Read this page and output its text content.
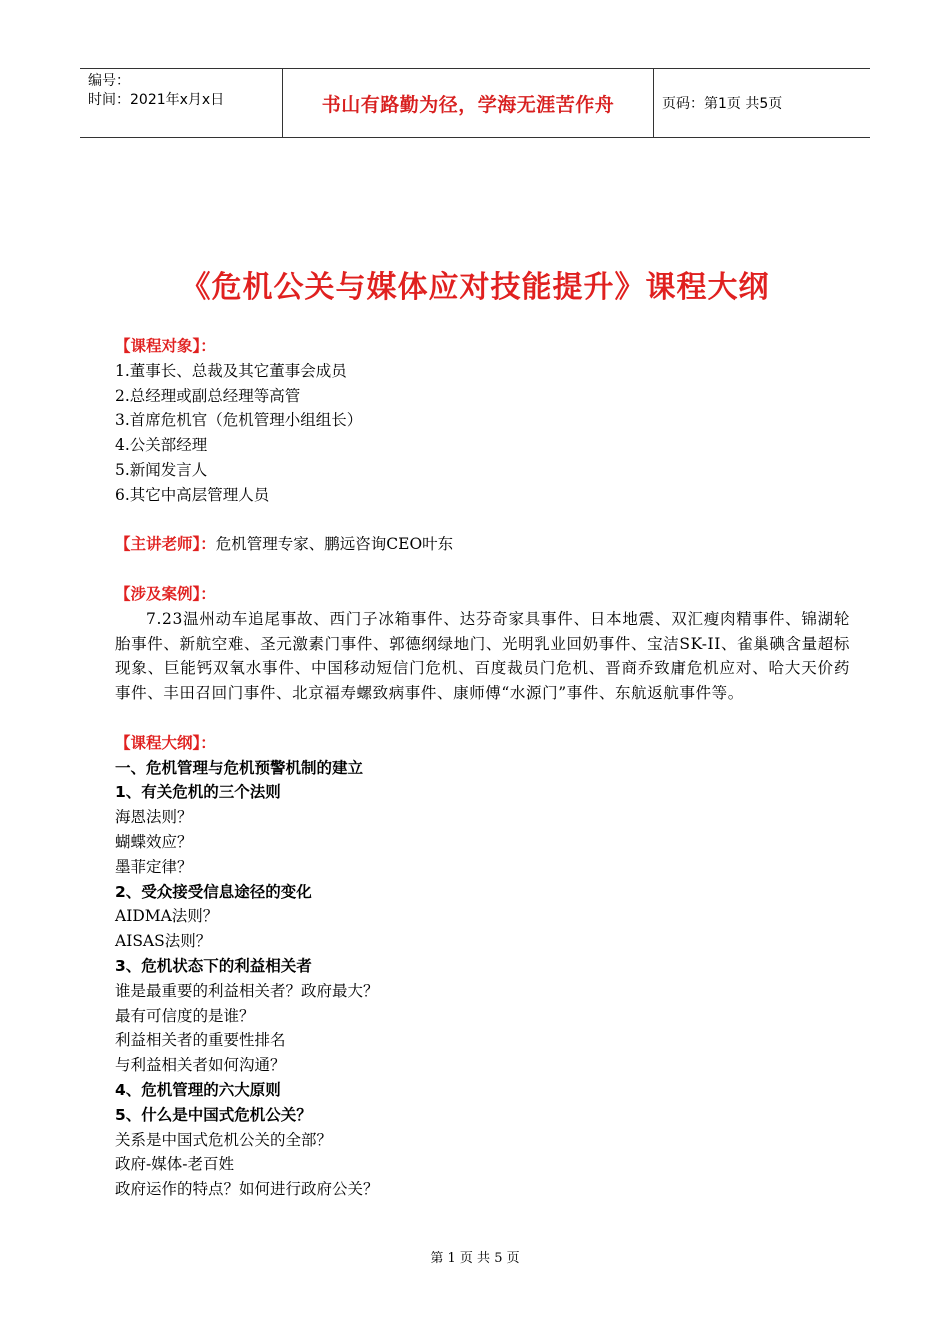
编号：
时间：2021年x月x日	书山有路勤为径，学海无涯苦作舟	页码：第1页 共5页
《危机公关与媒体应对技能提升》课程大纲
【课程对象】：
1.董事长、总裁及其它董事会成员
2.总经理或副总经理等高管
3.首席危机官（危机管理小组组长）
4.公关部经理
5.新闻发言人
6.其它中高层管理人员
【主讲老师】：危机管理专家、鹏远咨询CEO叶东
【涉及案例】：
7.23温州动车追尾事故、西门子冰箱事件、达芬奇家具事件、日本地震、双汇瘦肉精事件、锦湖轮胎事件、新航空难、圣元激素门事件、郭德纲绿地门、光明乳业回奶事件、宝洁SK-II、雀巢碘含量超标现象、巨能钙双氧水事件、中国移动短信门危机、百度裁员门危机、晋商乔致庸危机应对、哈大天价药事件、丰田召回门事件、北京福寿螺致病事件、康师傅“水源门”事件、东航返航事件等。
【课程大纲】：
一、危机管理与危机预警机制的建立
1、有关危机的三个法则
海恩法则？
蝴蝶效应？
墨菲定律？
2、受众接受信息途径的变化
AIDMA法则？
AISAS法则？
3、危机状态下的利益相关者
谁是最重要的利益相关者？政府最大？
最有可信度的是谁？
利益相关者的重要性排名
与利益相关者如何沟通？
4、危机管理的六大原则
5、什么是中国式危机公关？
关系是中国式危机公关的全部？
政府-媒体-老百姓
政府运作的特点？如何进行政府公关？
第 1 页 共 5 页
